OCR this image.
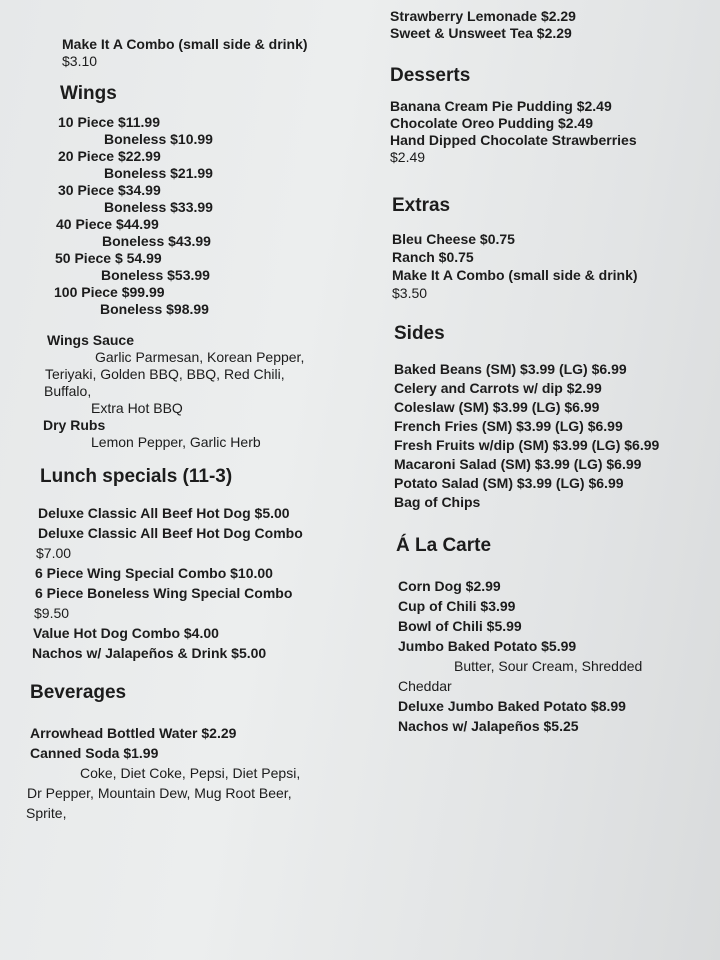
Make It A Combo (small side & drink)
$3.10
Wings
10 Piece $11.99
Boneless $10.99
20 Piece $22.99
Boneless $21.99
30 Piece $34.99
Boneless $33.99
40 Piece $44.99
Boneless $43.99
50 Piece $ 54.99
Boneless $53.99
100 Piece $99.99
Boneless $98.99
Wings Sauce
Garlic Parmesan, Korean Pepper,
Teriyaki, Golden BBQ, BBQ, Red Chili,
Buffalo,
Extra Hot BBQ
Dry Rubs
Lemon Pepper, Garlic Herb
Lunch specials (11-3)
Deluxe Classic All Beef Hot Dog $5.00
Deluxe Classic All Beef Hot Dog Combo
$7.00
6 Piece Wing Special Combo $10.00
6 Piece Boneless Wing Special Combo
$9.50
Value Hot Dog Combo $4.00
Nachos w/ Jalapeños & Drink $5.00
Beverages
Arrowhead Bottled Water $2.29
Canned Soda $1.99
Coke, Diet Coke, Pepsi, Diet Pepsi,
Dr Pepper, Mountain Dew, Mug Root Beer,
Sprite,
Strawberry Lemonade $2.29
Sweet & Unsweet Tea $2.29
Desserts
Banana Cream Pie Pudding $2.49
Chocolate Oreo Pudding $2.49
Hand Dipped Chocolate Strawberries
$2.49
Extras
Bleu Cheese $0.75
Ranch $0.75
Make It A Combo (small side & drink)
$3.50
Sides
Baked Beans (SM) $3.99 (LG) $6.99
Celery and Carrots w/ dip $2.99
Coleslaw (SM) $3.99 (LG) $6.99
French Fries (SM) $3.99 (LG) $6.99
Fresh Fruits w/dip (SM) $3.99 (LG) $6.99
Macaroni Salad (SM) $3.99 (LG) $6.99
Potato Salad (SM) $3.99 (LG) $6.99
Bag of Chips
Á La Carte
Corn Dog $2.99
Cup of Chili $3.99
Bowl of Chili $5.99
Jumbo Baked Potato $5.99
Butter, Sour Cream, Shredded
Cheddar
Deluxe Jumbo Baked Potato $8.99
Nachos w/ Jalapeños $5.25
